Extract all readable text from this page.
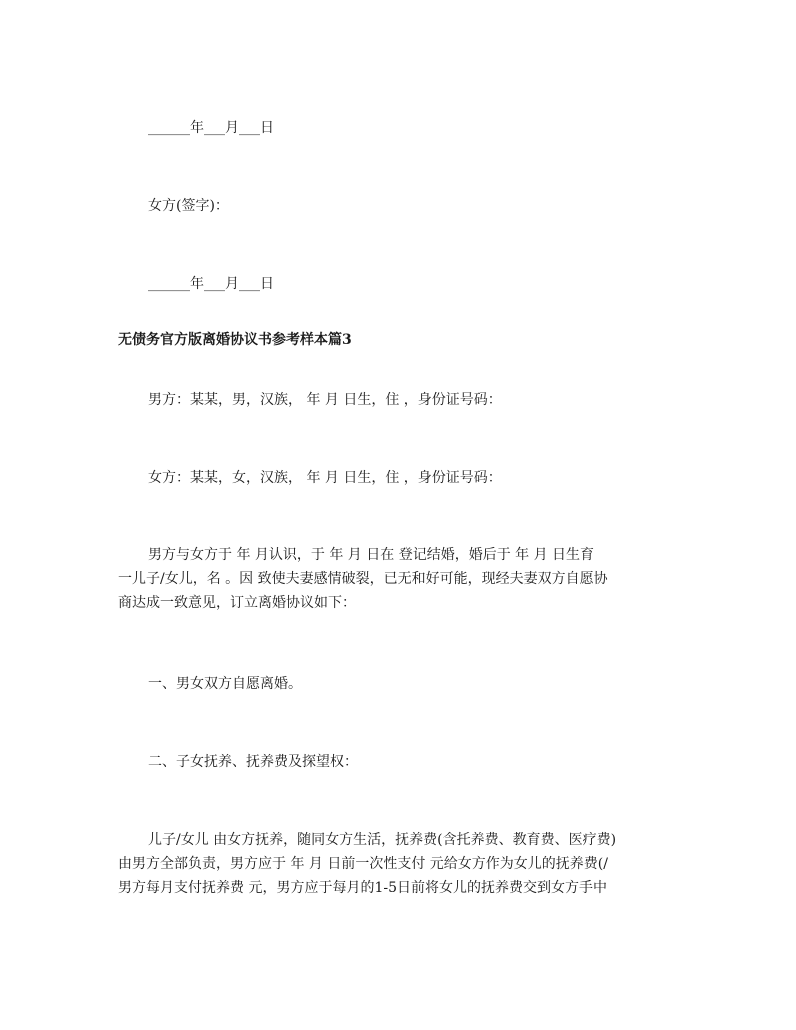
______年___月___日
女方(签字)：
______年___月___日
无债务官方版离婚协议书参考样本篇3
男方：某某，男，汉族， 年 月 日生，住 ，身份证号码：
女方：某某，女，汉族， 年 月 日生，住 ，身份证号码：
男方与女方于 年 月认识，于 年 月 日在 登记结婚，婚后于 年 月 日生育
一儿子/女儿，名 。因 致使夫妻感情破裂，已无和好可能，现经夫妻双方自愿协
商达成一致意见，订立离婚协议如下：
一、男女双方自愿离婚。
二、子女抚养、抚养费及探望权：
儿子/女儿 由女方抚养，随同女方生活，抚养费(含托养费、教育费、医疗费)
由男方全部负责，男方应于 年 月 日前一次性支付 元给女方作为女儿的抚养费(/
男方每月支付抚养费 元，男方应于每月的1-5日前将女儿的抚养费交到女方手中
